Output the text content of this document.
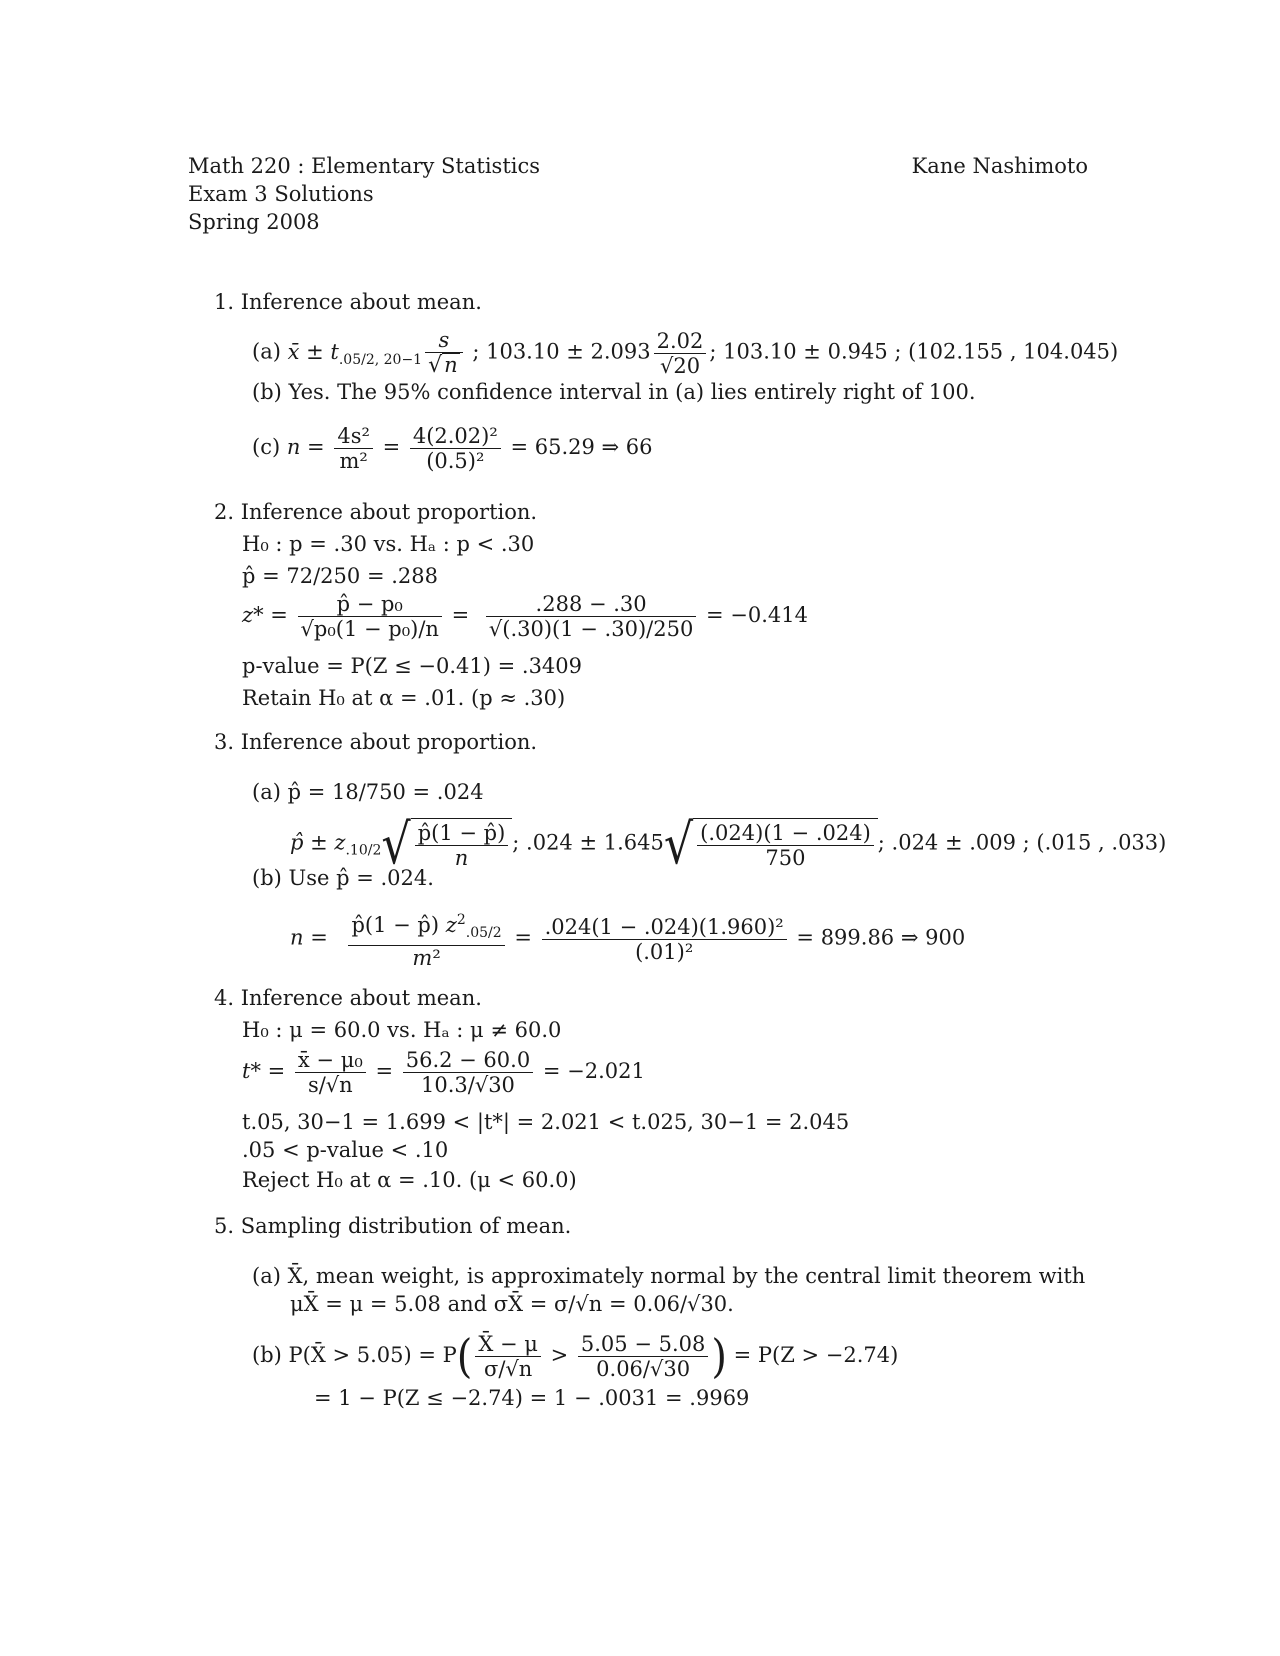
Math 220 : Elementary Statistics
Exam 3 Solutions
Spring 2008
Kane Nashimoto
1. Inference about mean.
(a) x̄ ± $t_{.05/2, 20-1} \frac{s}{√n}$ ; $103.10 \pm 2.093 \frac{2.02}{√20}$ ; 103.10 ± 0.945 ; (102.155 , 104.045)
(b) Yes. The 95% confidence interval in (a) lies entirely right of 100.
(c) $n = \frac{\text{4s²}}{\text{m²}} = \frac{\text{4(2.02)²}}{\text{(0.5)²}} = 65.29$ ⇒ 66
2. Inference about proportion.
H₀ : p = .30 vs. Hₐ : p < .30
p̂ = 72/250 = .288
$z* = \frac{\text{p̂ − p₀}}{\text{√p₀(1 − p₀)/n}} = \frac{.288 - .30}{√(.30)(1 - .30)/250} = -0.414$
p-value = P(Z ≤ −0.41) = .3409
Retain H₀ at α = .01. (p ≈ .30)
3. Inference about proportion.
(a) p̂ = 18/750 = .024
p̂ ± $z_{.10/2}√ \frac{p̂(1 - p̂)}{n}$ ; $.024 \pm 1.645√ \frac{(.024)(1 - .024)}{750}$ ; .024 ± .009 ; (.015 , .033)
(b) Use p̂ = .024.
$n = \frac{p̂(1 - p̂) z^2_{.05/2}}{\text{m²}} = \frac{\text{.024(1 − .024)(1.960)²}}{\text{(.01)²}} = 899.86$ ⇒ 900
4. Inference about mean.
H₀ : μ = 60.0 vs. Hₐ : μ ≠ 60.0
$t* = \frac{\text{x̄ − μ₀}}{s/√n} = \frac{56.2 - 60.0}{10.3/√30} = -2.021$
t.05, 30−1 = 1.699 < |t*| = 2.021 < t.025, 30−1 = 2.045
.05 < p-value < .10
Reject H₀ at α = .10. (μ < 60.0)
5. Sampling distribution of mean.
(a) X̄, mean weight, is approximately normal by the central limit theorem with
μX̄ = μ = 5.08 and σX̄ = σ/√n = 0.06/√30.
(b) P(X̄ > $5.05) = P( \frac{X̄ - \mu}{\sigma/√n} > \frac{5.05 - 5.08}{0.06/√30}$ ) = P(Z > −2.74)
= 1 − P(Z ≤ −2.74) = 1 − .0031 = .9969
